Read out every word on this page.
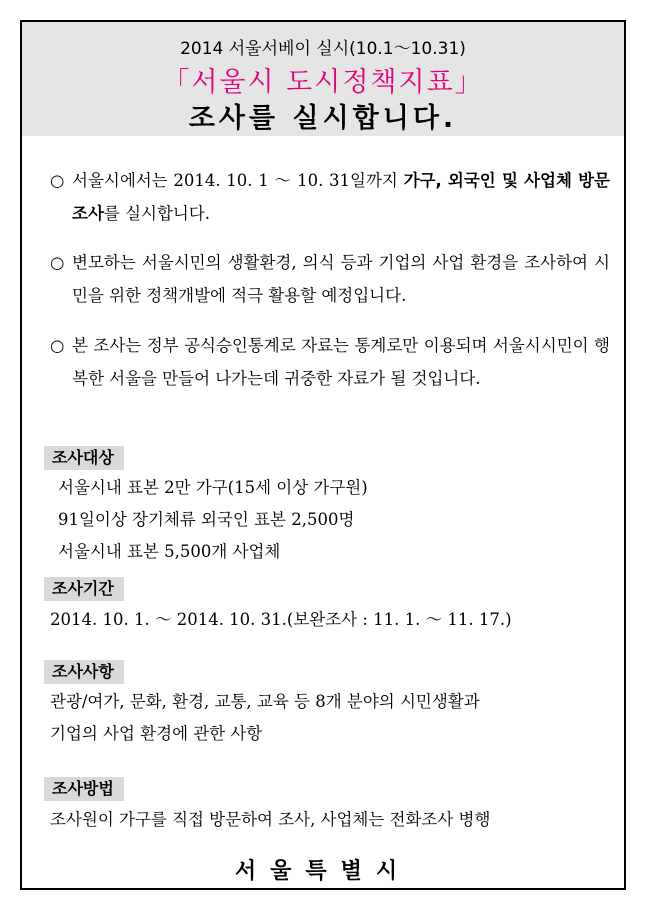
2014 서울서베이 실시(10.1～10.31)
「서울시 도시정책지표」
조사를 실시합니다.
○ 서울시에서는 2014. 10. 1 ～ 10. 31일까지 가구, 외국인 및 사업체 방문조사를 실시합니다.
○ 변모하는 서울시민의 생활환경, 의식 등과 기업의 사업 환경을 조사하여 시민을 위한 정책개발에 적극 활용할 예정입니다.
○ 본 조사는 정부 공식승인통계로 자료는 통계로만 이용되며 서울시시민이 행복한 서울을 만들어 나가는데 귀중한 자료가 될 것입니다.
조사대상
서울시내 표본 2만 가구(15세 이상 가구원)
91일이상 장기체류 외국인 표본 2,500명
서울시내 표본 5,500개 사업체
조사기간
2014. 10. 1. ～ 2014. 10. 31.(보완조사 : 11. 1. ～ 11. 17.)
조사사항
관광/여가, 문화, 환경, 교통, 교육 등 8개 분야의 시민생활과
기업의 사업 환경에 관한 사항
조사방법
조사원이 가구를 직접 방문하여 조사, 사업체는 전화조사 병행
서울특별시
